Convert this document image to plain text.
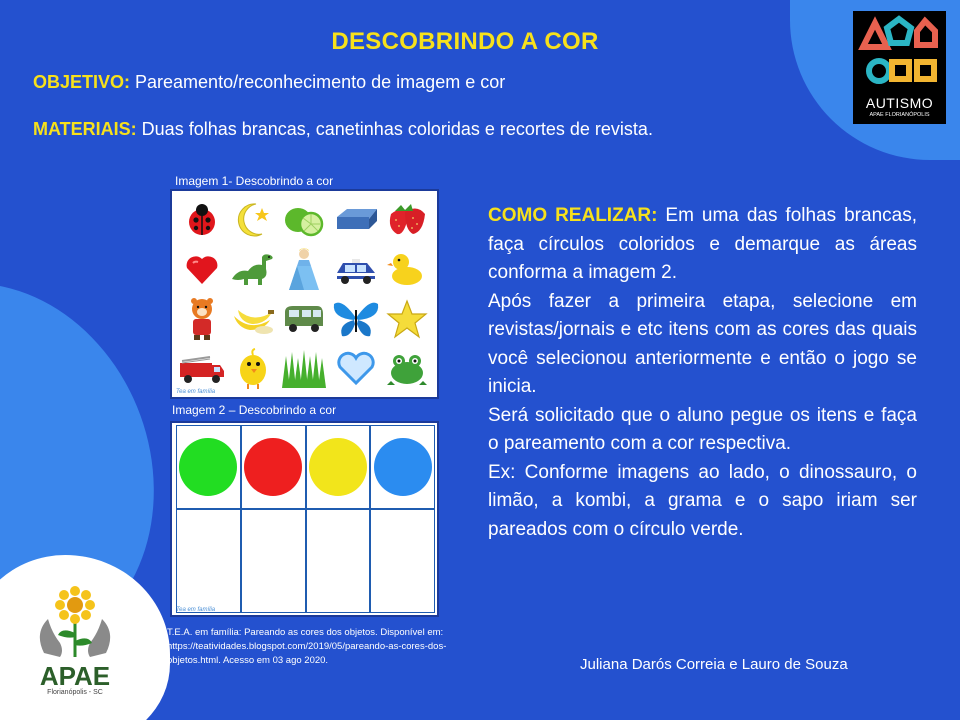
DESCOBRINDO A COR
OBJETIVO: Pareamento/reconhecimento de imagem e cor
MATERIAIS: Duas folhas brancas, canetinhas coloridas e recortes de revista.
Imagem 1- Descobrindo a cor
Tea em família
Imagem 2 – Descobrindo a cor
Tea em família

COMO REALIZAR: Em uma das folhas brancas, faça círculos coloridos e demarque as áreas conforma a imagem 2.

Após fazer a primeira etapa, selecione em revistas/jornais e etc itens com as cores das quais você selecionou anteriormente e então o jogo se inicia.

Será solicitado que o aluno pegue os itens e faça o pareamento com a cor respectiva.

Ex: Conforme imagens ao lado, o dinossauro, o limão, a kombi, a grama e o sapo iriam ser pareados com o círculo verde.

T.E.A. em família: Pareando as cores dos objetos. Disponível em: https://teatividades.blogspot.com/2019/05/pareando-as-cores-dos-objetos.html. Acesso em 03 ago 2020.	Juliana Darós Correia e Lauro de Souza
AUTISMO
APAE FLORIANÓPOLIS
APAE
Florianópolis - SC
